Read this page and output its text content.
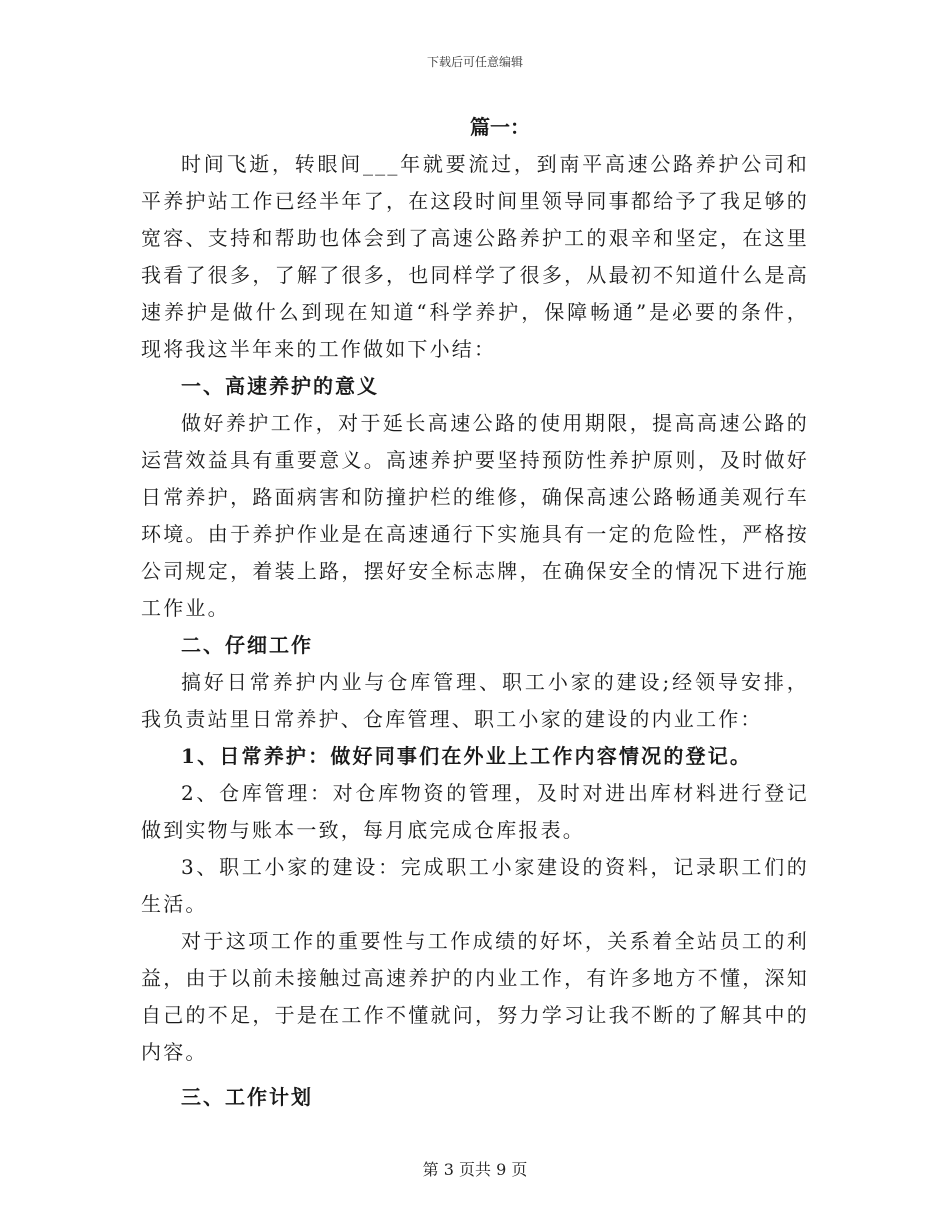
下载后可任意编辑

篇一：

时间飞逝，转眼间___年就要流过，到南平高速公路养护公司和平养护站工作已经半年了，在这段时间里领导同事都给予了我足够的宽容、支持和帮助也体会到了高速公路养护工的艰辛和坚定，在这里我看了很多，了解了很多，也同样学了很多，从最初不知道什么是高速养护是做什么到现在知道“科学养护，保障畅通”是必要的条件，现将我这半年来的工作做如下小结：

一、高速养护的意义

做好养护工作，对于延长高速公路的使用期限，提高高速公路的运营效益具有重要意义。高速养护要坚持预防性养护原则，及时做好日常养护，路面病害和防撞护栏的维修，确保高速公路畅通美观行车环境。由于养护作业是在高速通行下实施具有一定的危险性，严格按公司规定，着装上路，摆好安全标志牌，在确保安全的情况下进行施工作业。

二、仔细工作

搞好日常养护内业与仓库管理、职工小家的建设;经领导安排，我负责站里日常养护、仓库管理、职工小家的建设的内业工作：

1、日常养护：做好同事们在外业上工作内容情况的登记。

2、仓库管理：对仓库物资的管理，及时对进出库材料进行登记做到实物与账本一致，每月底完成仓库报表。

3、职工小家的建设：完成职工小家建设的资料，记录职工们的生活。

对于这项工作的重要性与工作成绩的好坏，关系着全站员工的利益，由于以前未接触过高速养护的内业工作，有许多地方不懂，深知自己的不足，于是在工作不懂就问，努力学习让我不断的了解其中的内容。

三、工作计划

第 3 页共 9 页
